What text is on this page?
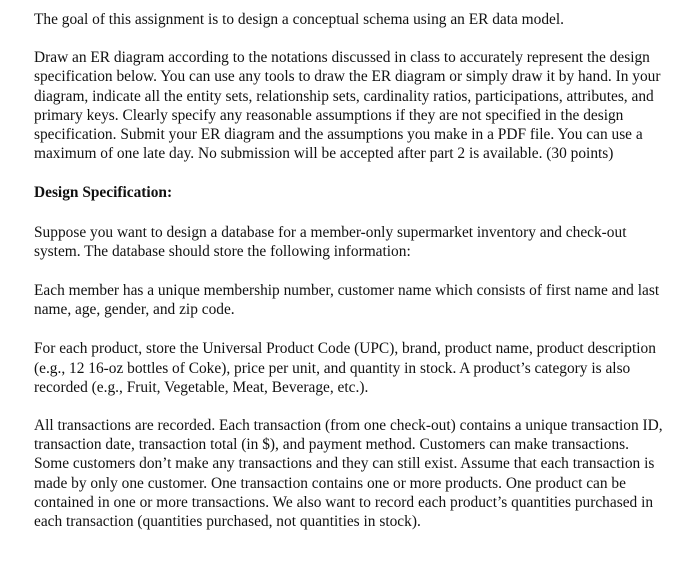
The goal of this assignment is to design a conceptual schema using an ER data model.

Draw an ER diagram according to the notations discussed in class to accurately represent the design specification below. You can use any tools to draw the ER diagram or simply draw it by hand. In your diagram, indicate all the entity sets, relationship sets, cardinality ratios, participations, attributes, and primary keys. Clearly specify any reasonable assumptions if they are not specified in the design specification. Submit your ER diagram and the assumptions you make in a PDF file. You can use a maximum of one late day. No submission will be accepted after part 2 is available. (30 points)

Design Specification:

Suppose you want to design a database for a member-only supermarket inventory and check-out system. The database should store the following information:

Each member has a unique membership number, customer name which consists of first name and last name, age, gender, and zip code.

For each product, store the Universal Product Code (UPC), brand, product name, product description (e.g., 12 16-oz bottles of Coke), price per unit, and quantity in stock. A product’s category is also recorded (e.g., Fruit, Vegetable, Meat, Beverage, etc.).

All transactions are recorded. Each transaction (from one check-out) contains a unique transaction ID, transaction date, transaction total (in $), and payment method. Customers can make transactions. Some customers don’t make any transactions and they can still exist. Assume that each transaction is made by only one customer. One transaction contains one or more products. One product can be contained in one or more transactions. We also want to record each product’s quantities purchased in each transaction (quantities purchased, not quantities in stock).
